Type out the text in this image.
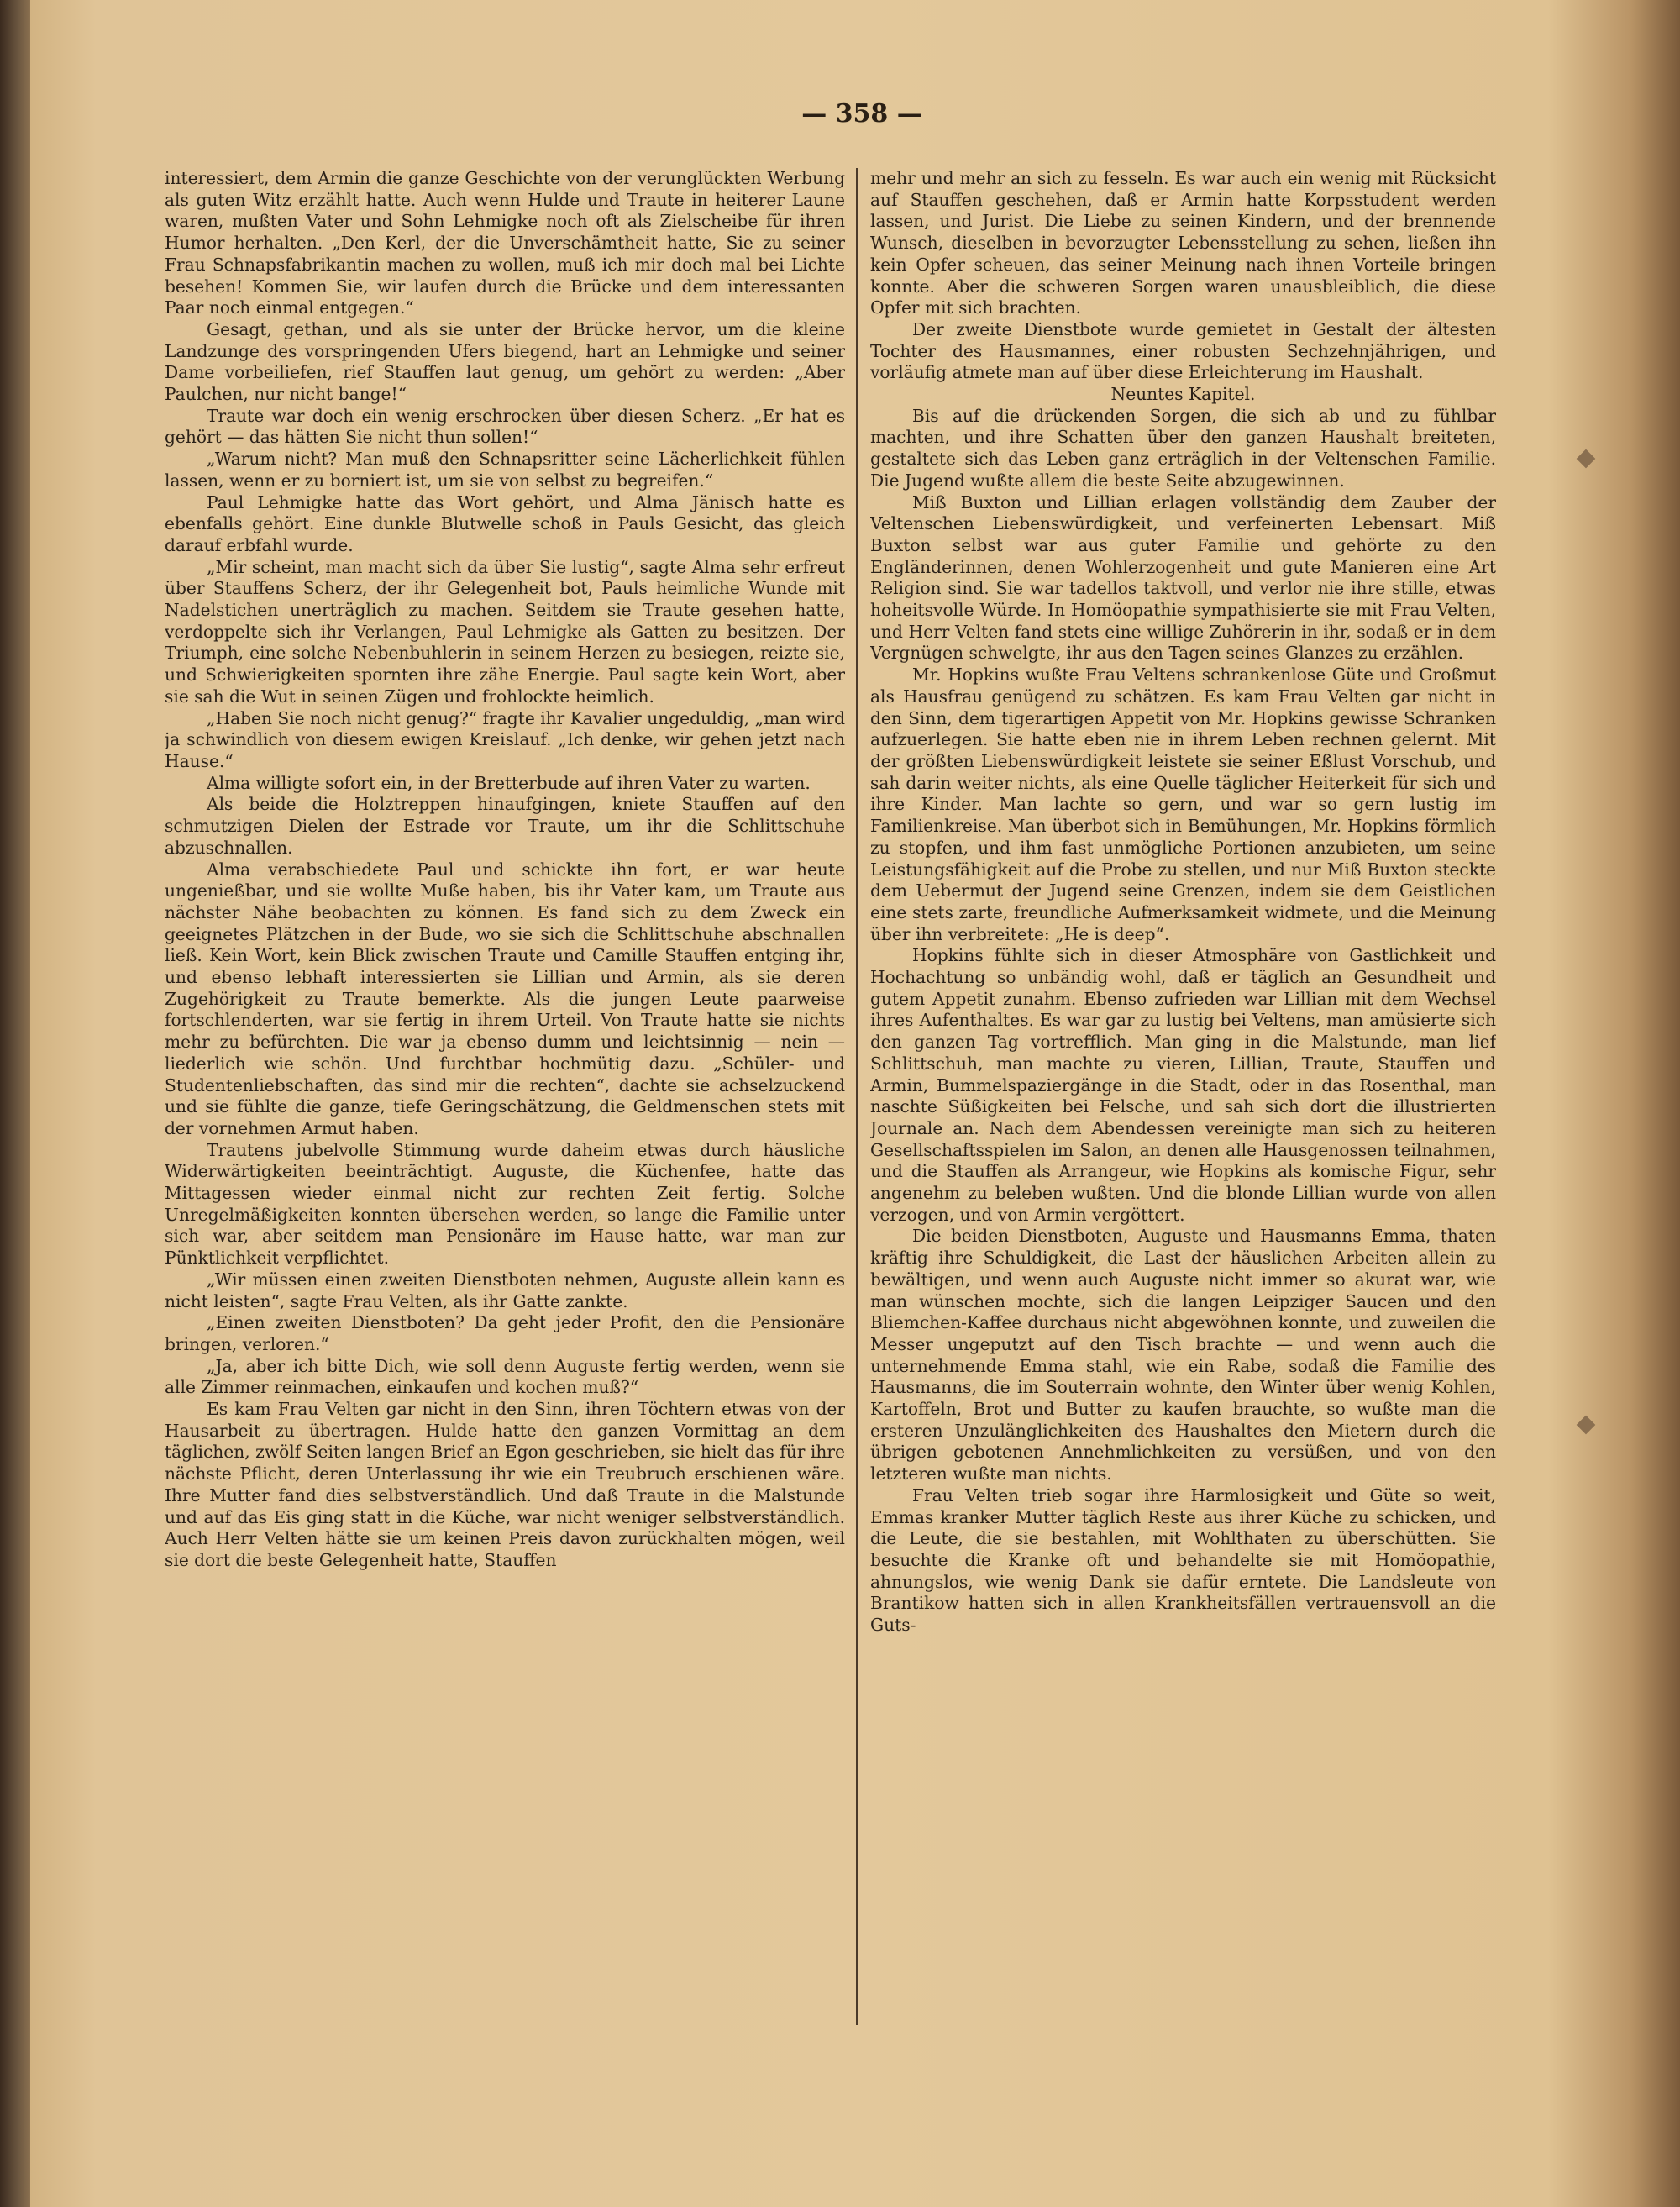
— 358 —

interessiert, dem Armin die ganze Geschichte von der verunglückten Werbung als guten Witz erzählt hatte. Auch wenn Hulde und Traute in heiterer Laune waren, mußten Vater und Sohn Lehmigke noch oft als Zielscheibe für ihren Humor herhalten. „Den Kerl, der die Unverschämtheit hatte, Sie zu seiner Frau Schnapsfabrikantin machen zu wollen, muß ich mir doch mal bei Lichte besehen! Kommen Sie, wir laufen durch die Brücke und dem interessanten Paar noch einmal entgegen.“

Gesagt, gethan, und als sie unter der Brücke hervor, um die kleine Landzunge des vorspringenden Ufers biegend, hart an Lehmigke und seiner Dame vorbeiliefen, rief Stauffen laut genug, um gehört zu werden: „Aber Paulchen, nur nicht bange!“

Traute war doch ein wenig erschrocken über diesen Scherz. „Er hat es gehört — das hätten Sie nicht thun sollen!“

„Warum nicht? Man muß den Schnapsritter seine Lächerlichkeit fühlen lassen, wenn er zu borniert ist, um sie von selbst zu begreifen.“

Paul Lehmigke hatte das Wort gehört, und Alma Jänisch hatte es ebenfalls gehört. Eine dunkle Blutwelle schoß in Pauls Gesicht, das gleich darauf erbfahl wurde.

„Mir scheint, man macht sich da über Sie lustig“, sagte Alma sehr erfreut über Stauffens Scherz, der ihr Gelegenheit bot, Pauls heimliche Wunde mit Nadelstichen unerträglich zu machen. Seitdem sie Traute gesehen hatte, verdoppelte sich ihr Verlangen, Paul Lehmigke als Gatten zu besitzen. Der Triumph, eine solche Nebenbuhlerin in seinem Herzen zu besiegen, reizte sie, und Schwierigkeiten spornten ihre zähe Energie. Paul sagte kein Wort, aber sie sah die Wut in seinen Zügen und frohlockte heimlich.

„Haben Sie noch nicht genug?“ fragte ihr Kavalier ungeduldig, „man wird ja schwindlich von diesem ewigen Kreislauf. „Ich denke, wir gehen jetzt nach Hause.“

Alma willigte sofort ein, in der Bretterbude auf ihren Vater zu warten.

Als beide die Holztreppen hinaufgingen, kniete Stauffen auf den schmutzigen Dielen der Estrade vor Traute, um ihr die Schlittschuhe abzuschnallen.

Alma verabschiedete Paul und schickte ihn fort, er war heute ungenießbar, und sie wollte Muße haben, bis ihr Vater kam, um Traute aus nächster Nähe beobachten zu können. Es fand sich zu dem Zweck ein geeignetes Plätzchen in der Bude, wo sie sich die Schlittschuhe abschnallen ließ. Kein Wort, kein Blick zwischen Traute und Camille Stauffen entging ihr, und ebenso lebhaft interessierten sie Lillian und Armin, als sie deren Zugehörigkeit zu Traute bemerkte. Als die jungen Leute paarweise fortschlenderten, war sie fertig in ihrem Urteil. Von Traute hatte sie nichts mehr zu befürchten. Die war ja ebenso dumm und leichtsinnig — nein — liederlich wie schön. Und furchtbar hochmütig dazu. „Schüler- und Studentenliebschaften, das sind mir die rechten“, dachte sie achselzuckend und sie fühlte die ganze, tiefe Geringschätzung, die Geldmenschen stets mit der vornehmen Armut haben.

Trautens jubelvolle Stimmung wurde daheim etwas durch häusliche Widerwärtigkeiten beeinträchtigt. Auguste, die Küchenfee, hatte das Mittagessen wieder einmal nicht zur rechten Zeit fertig. Solche Unregelmäßigkeiten konnten übersehen werden, so lange die Familie unter sich war, aber seitdem man Pensionäre im Hause hatte, war man zur Pünktlichkeit verpflichtet.

„Wir müssen einen zweiten Dienstboten nehmen, Auguste allein kann es nicht leisten“, sagte Frau Velten, als ihr Gatte zankte.

„Einen zweiten Dienstboten? Da geht jeder Profit, den die Pensionäre bringen, verloren.“

„Ja, aber ich bitte Dich, wie soll denn Auguste fertig werden, wenn sie alle Zimmer reinmachen, einkaufen und kochen muß?“

Es kam Frau Velten gar nicht in den Sinn, ihren Töchtern etwas von der Hausarbeit zu übertragen. Hulde hatte den ganzen Vormittag an dem täglichen, zwölf Seiten langen Brief an Egon geschrieben, sie hielt das für ihre nächste Pflicht, deren Unterlassung ihr wie ein Treubruch erschienen wäre. Ihre Mutter fand dies selbstverständlich. Und daß Traute in die Malstunde und auf das Eis ging statt in die Küche, war nicht weniger selbstverständlich. Auch Herr Velten hätte sie um keinen Preis davon zurückhalten mögen, weil sie dort die beste Gelegenheit hatte, Stauffen

mehr und mehr an sich zu fesseln. Es war auch ein wenig mit Rücksicht auf Stauffen geschehen, daß er Armin hatte Korpsstudent werden lassen, und Jurist. Die Liebe zu seinen Kindern, und der brennende Wunsch, dieselben in bevorzugter Lebensstellung zu sehen, ließen ihn kein Opfer scheuen, das seiner Meinung nach ihnen Vorteile bringen konnte. Aber die schweren Sorgen waren unausbleiblich, die diese Opfer mit sich brachten.

Der zweite Dienstbote wurde gemietet in Gestalt der ältesten Tochter des Hausmannes, einer robusten Sechzehnjährigen, und vorläufig atmete man auf über diese Erleichterung im Haushalt.

Neuntes Kapitel.

Bis auf die drückenden Sorgen, die sich ab und zu fühlbar machten, und ihre Schatten über den ganzen Haushalt breiteten, gestaltete sich das Leben ganz erträglich in der Veltenschen Familie. Die Jugend wußte allem die beste Seite abzugewinnen.

Miß Buxton und Lillian erlagen vollständig dem Zauber der Veltenschen Liebenswürdigkeit, und verfeinerten Lebensart. Miß Buxton selbst war aus guter Familie und gehörte zu den Engländerinnen, denen Wohlerzogenheit und gute Manieren eine Art Religion sind. Sie war tadellos taktvoll, und verlor nie ihre stille, etwas hoheitsvolle Würde. In Homöopathie sympathisierte sie mit Frau Velten, und Herr Velten fand stets eine willige Zuhörerin in ihr, sodaß er in dem Vergnügen schwelgte, ihr aus den Tagen seines Glanzes zu erzählen.

Mr. Hopkins wußte Frau Veltens schrankenlose Güte und Großmut als Hausfrau genügend zu schätzen. Es kam Frau Velten gar nicht in den Sinn, dem tigerartigen Appetit von Mr. Hopkins gewisse Schranken aufzuerlegen. Sie hatte eben nie in ihrem Leben rechnen gelernt. Mit der größten Liebenswürdigkeit leistete sie seiner Eßlust Vorschub, und sah darin weiter nichts, als eine Quelle täglicher Heiterkeit für sich und ihre Kinder. Man lachte so gern, und war so gern lustig im Familienkreise. Man überbot sich in Bemühungen, Mr. Hopkins förmlich zu stopfen, und ihm fast unmögliche Portionen anzubieten, um seine Leistungsfähigkeit auf die Probe zu stellen, und nur Miß Buxton steckte dem Uebermut der Jugend seine Grenzen, indem sie dem Geistlichen eine stets zarte, freundliche Aufmerksamkeit widmete, und die Meinung über ihn verbreitete: „He is deep“.

Hopkins fühlte sich in dieser Atmosphäre von Gastlichkeit und Hochachtung so unbändig wohl, daß er täglich an Gesundheit und gutem Appetit zunahm. Ebenso zufrieden war Lillian mit dem Wechsel ihres Aufenthaltes. Es war gar zu lustig bei Veltens, man amüsierte sich den ganzen Tag vortrefflich. Man ging in die Malstunde, man lief Schlittschuh, man machte zu vieren, Lillian, Traute, Stauffen und Armin, Bummelspaziergänge in die Stadt, oder in das Rosenthal, man naschte Süßigkeiten bei Felsche, und sah sich dort die illustrierten Journale an. Nach dem Abendessen vereinigte man sich zu heiteren Gesellschaftsspielen im Salon, an denen alle Hausgenossen teilnahmen, und die Stauffen als Arrangeur, wie Hopkins als komische Figur, sehr angenehm zu beleben wußten. Und die blonde Lillian wurde von allen verzogen, und von Armin vergöttert.

Die beiden Dienstboten, Auguste und Hausmanns Emma, thaten kräftig ihre Schuldigkeit, die Last der häuslichen Arbeiten allein zu bewältigen, und wenn auch Auguste nicht immer so akurat war, wie man wünschen mochte, sich die langen Leipziger Saucen und den Bliemchen-Kaffee durchaus nicht abgewöhnen konnte, und zuweilen die Messer ungeputzt auf den Tisch brachte — und wenn auch die unternehmende Emma stahl, wie ein Rabe, sodaß die Familie des Hausmanns, die im Souterrain wohnte, den Winter über wenig Kohlen, Kartoffeln, Brot und Butter zu kaufen brauchte, so wußte man die ersteren Unzulänglichkeiten des Haushaltes den Mietern durch die übrigen gebotenen Annehmlichkeiten zu versüßen, und von den letzteren wußte man nichts.

Frau Velten trieb sogar ihre Harmlosigkeit und Güte so weit, Emmas kranker Mutter täglich Reste aus ihrer Küche zu schicken, und die Leute, die sie bestahlen, mit Wohlthaten zu überschütten. Sie besuchte die Kranke oft und behandelte sie mit Homöopathie, ahnungslos, wie wenig Dank sie dafür erntete. Die Landsleute von Brantikow hatten sich in allen Krankheitsfällen vertrauensvoll an die Guts-
